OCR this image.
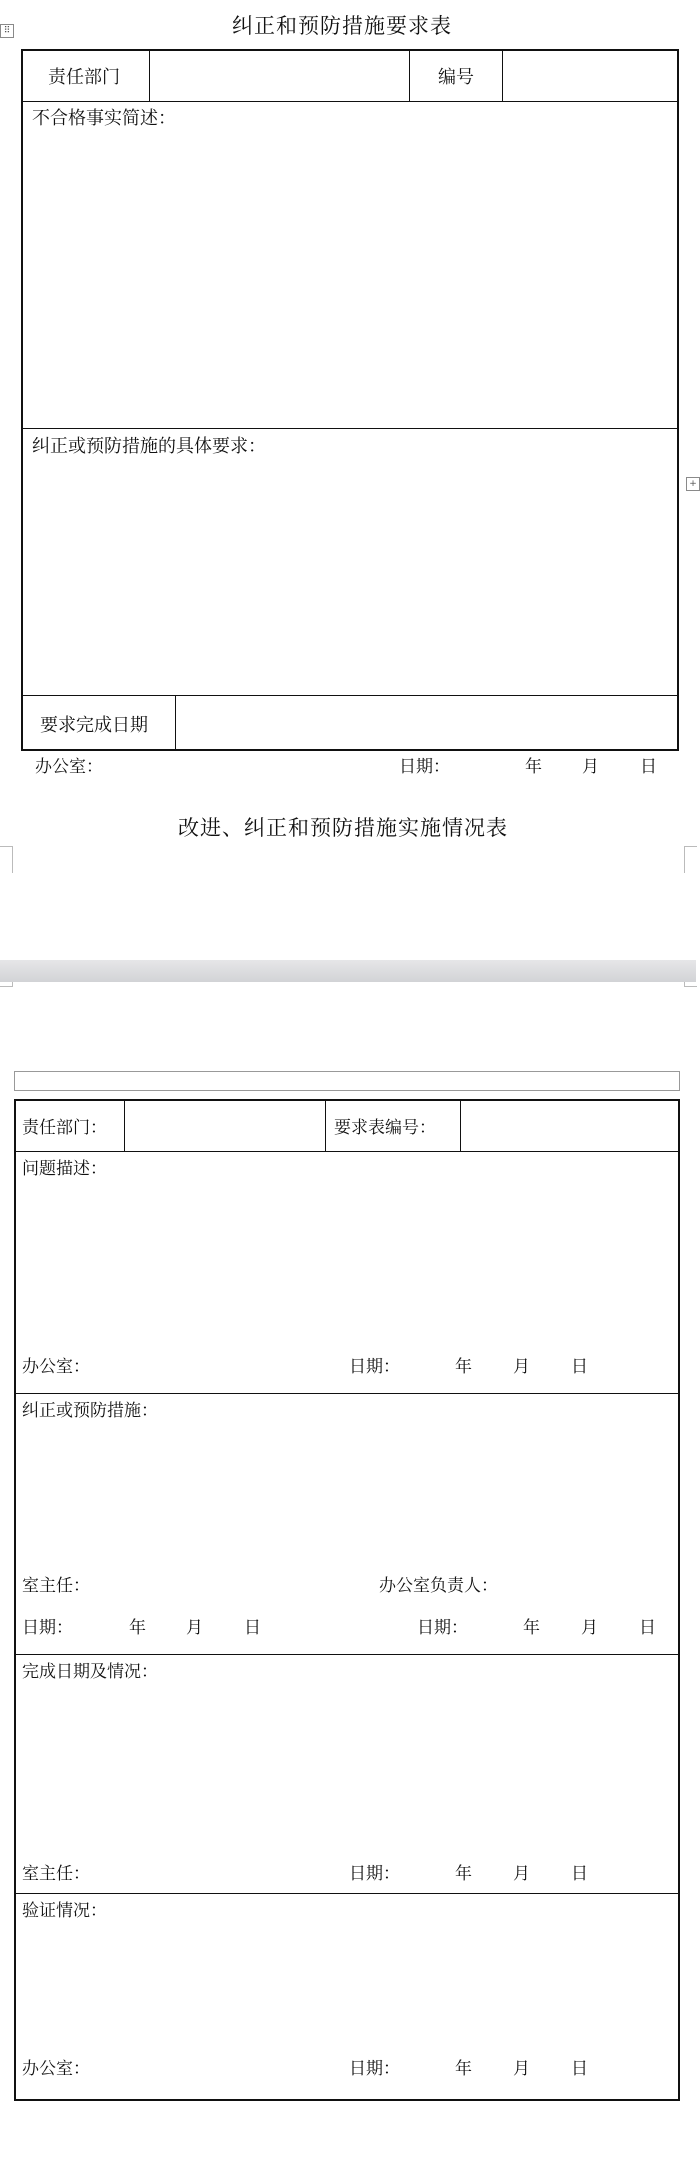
⠿
+
纠正和预防措施要求表
责任部门	编号
不合格事实简述：
纠正或预防措施的具体要求：
要求完成日期
办公室：	日期：	年 月 日
改进、纠正和预防措施实施情况表
责任部门：	要求表编号：
问题描述：
办公室：	日期：	年 月 日
纠正或预防措施：
室主任：	办公室负责人：
日期：	年 月 日	日期：	年 月 日
完成日期及情况：
室主任：	日期：	年 月 日
验证情况：
办公室：	日期：	年 月 日
